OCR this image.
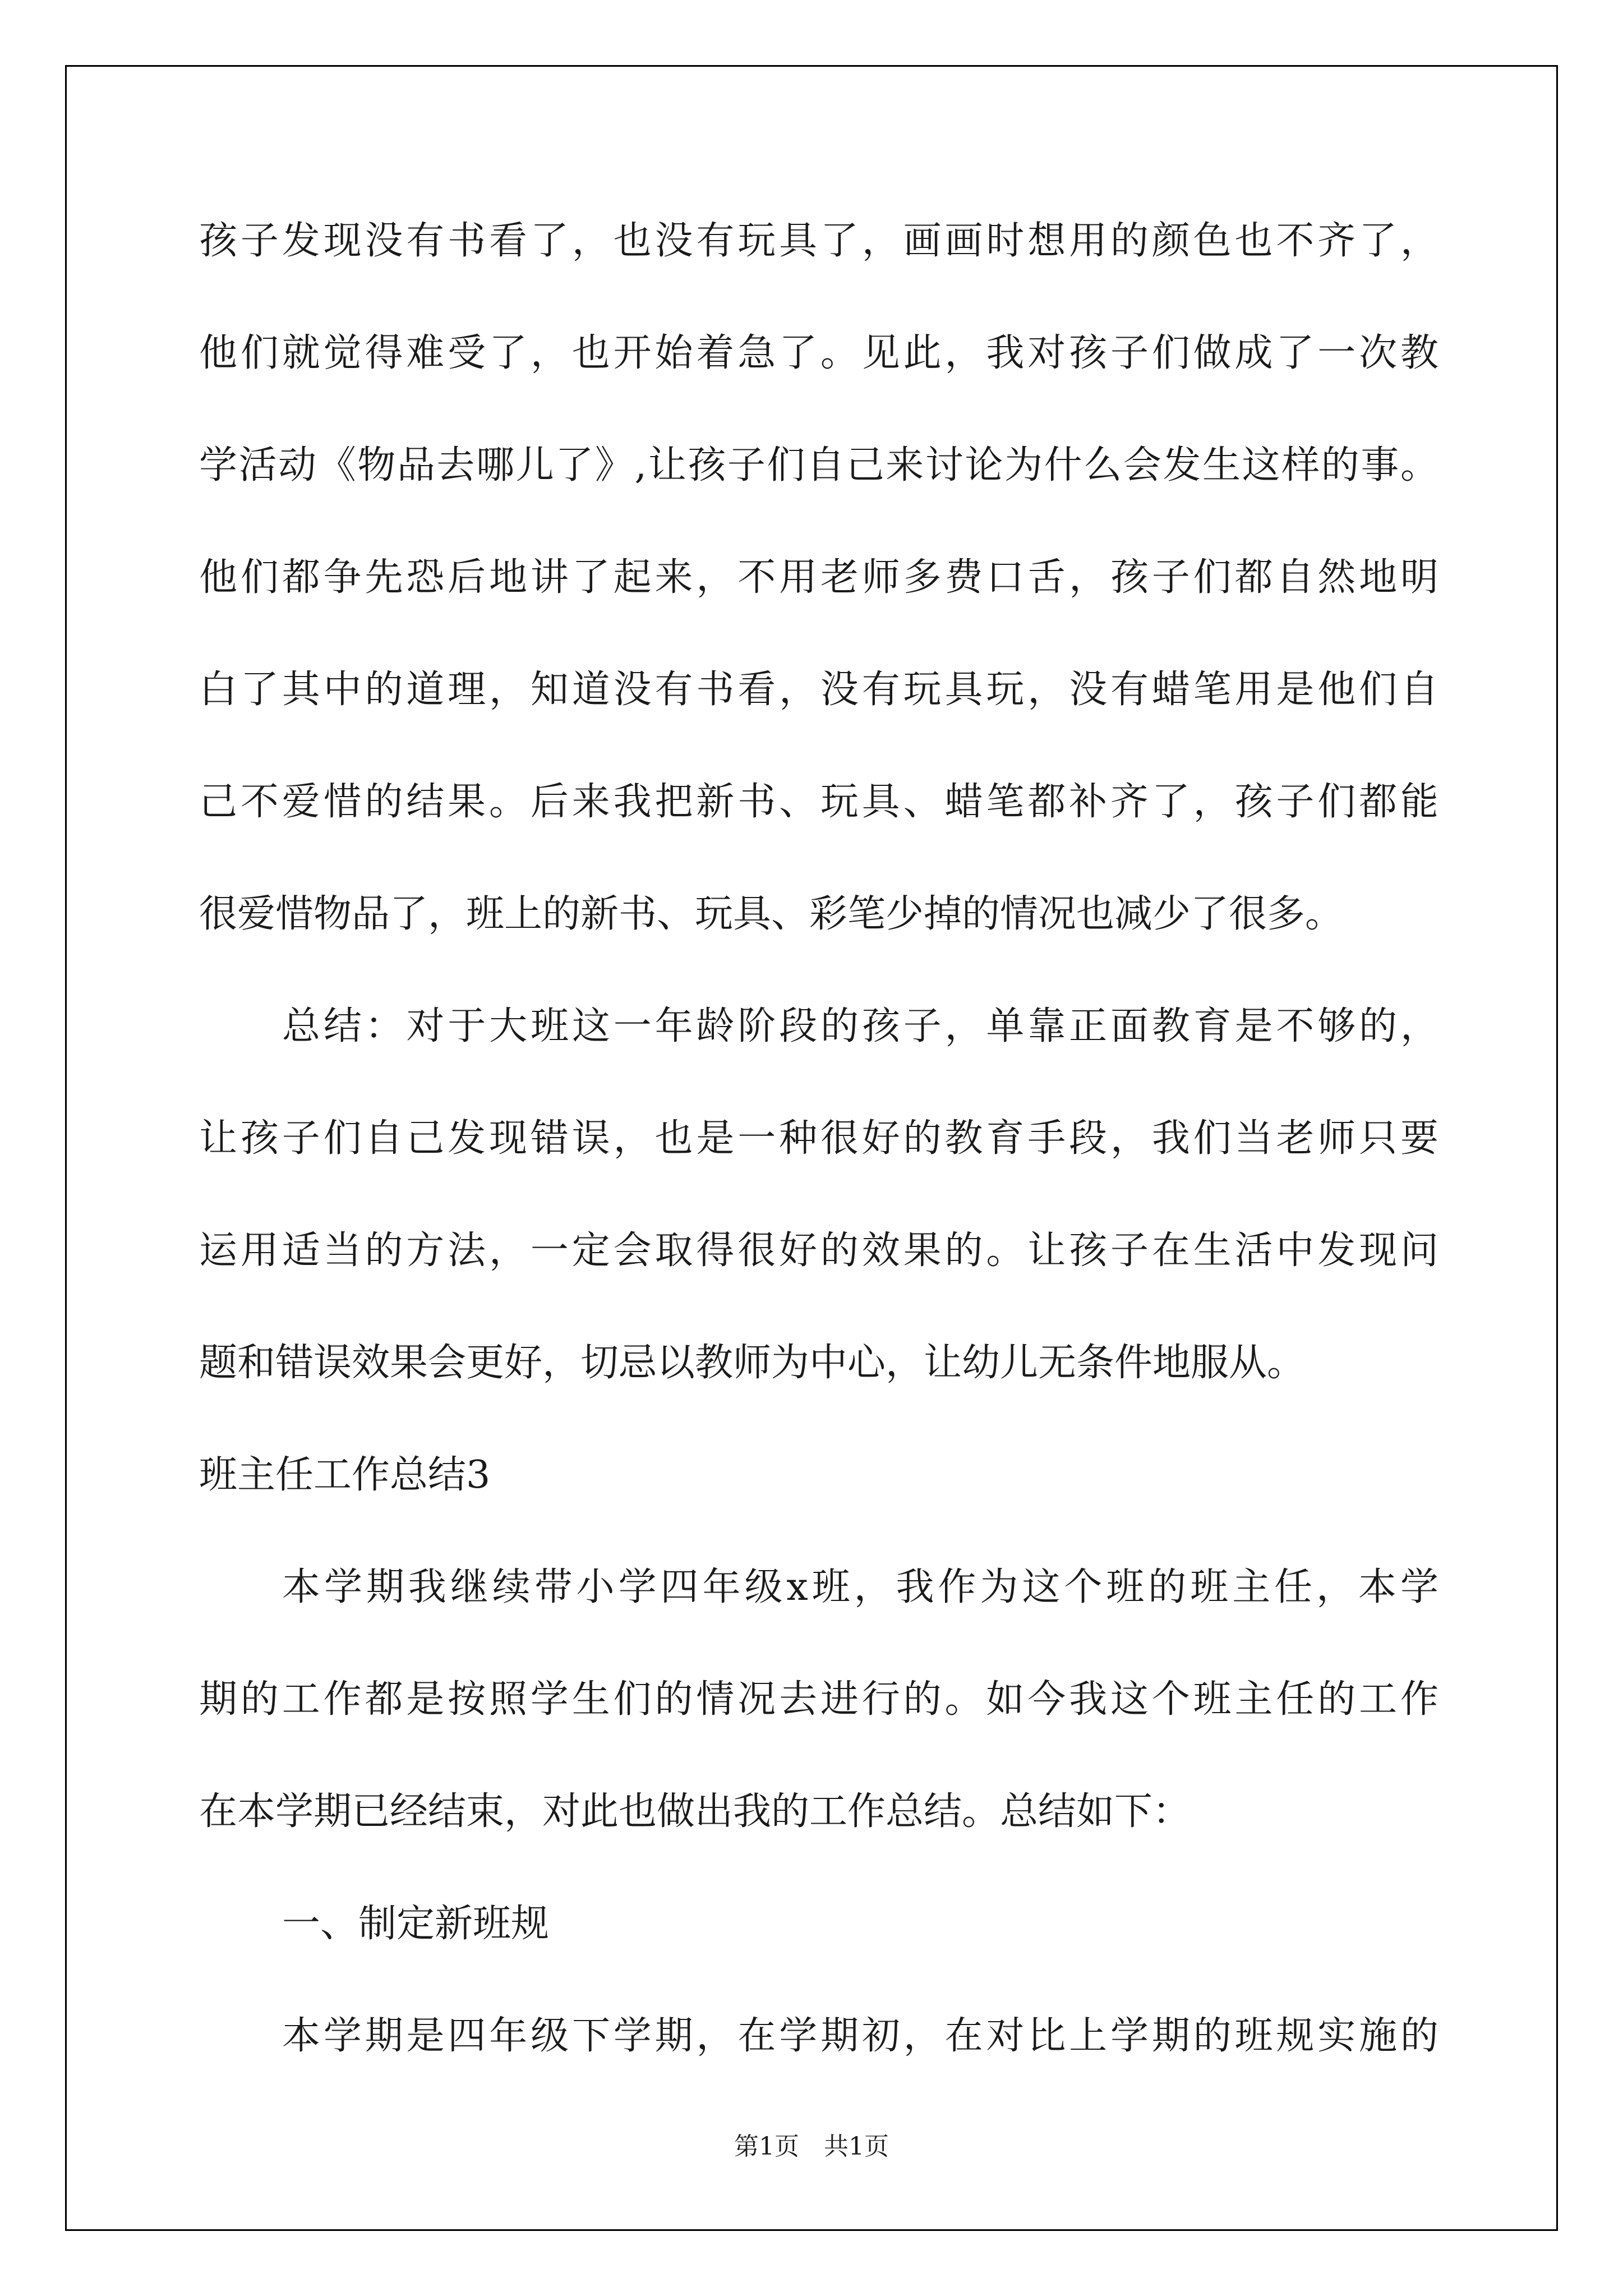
孩子发现没有书看了，也没有玩具了，画画时想用的颜色也不齐了，
他们就觉得难受了，也开始着急了。见此，我对孩子们做成了一次教
学活动《物品去哪儿了》,让孩子们自己来讨论为什么会发生这样的事。
他们都争先恐后地讲了起来，不用老师多费口舌，孩子们都自然地明
白了其中的道理，知道没有书看，没有玩具玩，没有蜡笔用是他们自
己不爱惜的结果。后来我把新书、玩具、蜡笔都补齐了，孩子们都能
很爱惜物品了，班上的新书、玩具、彩笔少掉的情况也减少了很多。
总结：对于大班这一年龄阶段的孩子，单靠正面教育是不够的，
让孩子们自己发现错误，也是一种很好的教育手段，我们当老师只要
运用适当的方法，一定会取得很好的效果的。让孩子在生活中发现问
题和错误效果会更好，切忌以教师为中心，让幼儿无条件地服从。
班主任工作总结3
本学期我继续带小学四年级x班，我作为这个班的班主任，本学
期的工作都是按照学生们的情况去进行的。如今我这个班主任的工作
在本学期已经结束，对此也做出我的工作总结。总结如下：
一、制定新班规
本学期是四年级下学期，在学期初，在对比上学期的班规实施的
第1页　共1页
